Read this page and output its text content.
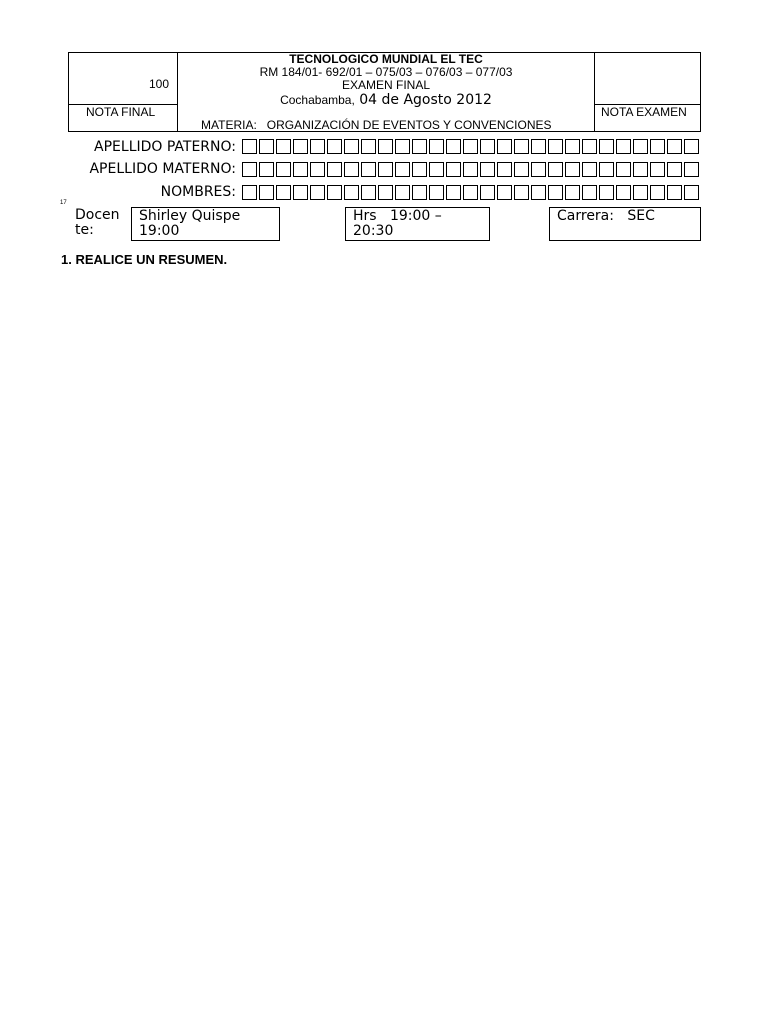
100
NOTA FINAL	NOTA EXAMEN
TECNOLOGICO MUNDIAL EL TEC
RM 184/01- 692/01 – 075/03 – 076/03 – 077/03
EXAMEN FINAL
Cochabamba, 04 de Agosto 2012
MATERIA: ORGANIZACIÓN DE EVENTOS Y CONVENCIONES
APELLIDO PATERNO:
APELLIDO MATERNO:
NOMBRES:
17
Docen
te:
Shirley Quispe
19:00
Hrs 19:00 –
20:30
Carrera: SEC
1. REALICE UN RESUMEN.
